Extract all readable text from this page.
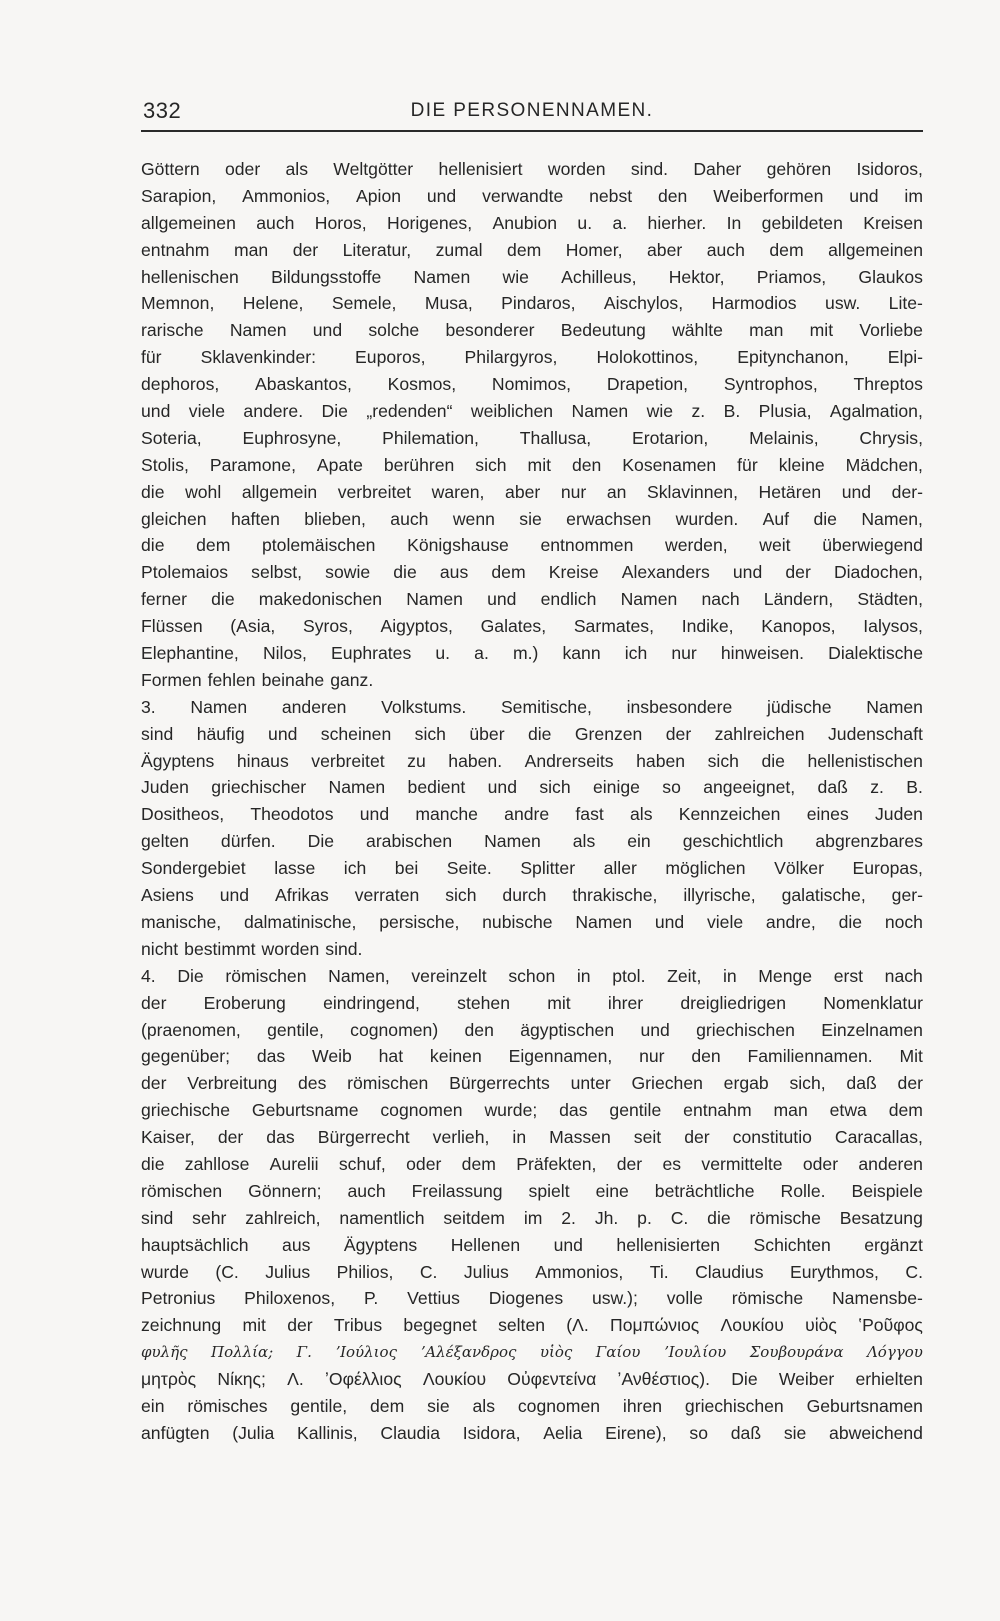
332	DIE PERSONENNAMEN.
Göttern oder als Weltgötter hellenisiert worden sind. Daher gehören Isidoros,
Sarapion, Ammonios, Apion und verwandte nebst den Weiberformen und im
allgemeinen auch Horos, Horigenes, Anubion u. a. hierher. In gebildeten Kreisen
entnahm man der Literatur, zumal dem Homer, aber auch dem allgemeinen
hellenischen Bildungsstoffe Namen wie Achilleus, Hektor, Priamos, Glaukos
Memnon, Helene, Semele, Musa, Pindaros, Aischylos, Harmodios usw. Lite-
rarische Namen und solche besonderer Bedeutung wählte man mit Vorliebe
für Sklavenkinder: Euporos, Philargyros, Holokottinos, Epitynchanon, Elpi-
dephoros, Abaskantos, Kosmos, Nomimos, Drapetion, Syntrophos, Threptos
und viele andere. Die „redenden“ weiblichen Namen wie z. B. Plusia, Agalmation,
Soteria, Euphrosyne, Philemation, Thallusa, Erotarion, Melainis, Chrysis,
Stolis, Paramone, Apate berühren sich mit den Kosenamen für kleine Mädchen,
die wohl allgemein verbreitet waren, aber nur an Sklavinnen, Hetären und der-
gleichen haften blieben, auch wenn sie erwachsen wurden. Auf die Namen,
die dem ptolemäischen Königshause entnommen werden, weit überwiegend
Ptolemaios selbst, sowie die aus dem Kreise Alexanders und der Diadochen,
ferner die makedonischen Namen und endlich Namen nach Ländern, Städten,
Flüssen (Asia, Syros, Aigyptos, Galates, Sarmates, Indike, Kanopos, Ialysos,
Elephantine, Nilos, Euphrates u. a. m.) kann ich nur hinweisen. Dialektische
Formen fehlen beinahe ganz.
3. Namen anderen Volkstums. Semitische, insbesondere jüdische Namen
sind häufig und scheinen sich über die Grenzen der zahlreichen Judenschaft
Ägyptens hinaus verbreitet zu haben. Andrerseits haben sich die hellenistischen
Juden griechischer Namen bedient und sich einige so angeeignet, daß z. B.
Dositheos, Theodotos und manche andre fast als Kennzeichen eines Juden
gelten dürfen. Die arabischen Namen als ein geschichtlich abgrenzbares
Sondergebiet lasse ich bei Seite. Splitter aller möglichen Völker Europas,
Asiens und Afrikas verraten sich durch thrakische, illyrische, galatische, ger-
manische, dalmatinische, persische, nubische Namen und viele andre, die noch
nicht bestimmt worden sind.
4. Die römischen Namen, vereinzelt schon in ptol. Zeit, in Menge erst nach
der Eroberung eindringend, stehen mit ihrer dreigliedrigen Nomenklatur
(praenomen, gentile, cognomen) den ägyptischen und griechischen Einzelnamen
gegenüber; das Weib hat keinen Eigennamen, nur den Familiennamen. Mit
der Verbreitung des römischen Bürgerrechts unter Griechen ergab sich, daß der
griechische Geburtsname cognomen wurde; das gentile entnahm man etwa dem
Kaiser, der das Bürgerrecht verlieh, in Massen seit der constitutio Caracallas,
die zahllose Aurelii schuf, oder dem Präfekten, der es vermittelte oder anderen
römischen Gönnern; auch Freilassung spielt eine beträchtliche Rolle. Beispiele
sind sehr zahlreich, namentlich seitdem im 2. Jh. p. C. die römische Besatzung
hauptsächlich aus Ägyptens Hellenen und hellenisierten Schichten ergänzt
wurde (C. Julius Philios, C. Julius Ammonios, Ti. Claudius Eurythmos, C.
Petronius Philoxenos, P. Vettius Diogenes usw.); volle römische Namensbe-
zeichnung mit der Tribus begegnet selten (Λ. Πομπώνιος Λουκίου υἱὸς ʽΡοῦφος
φυλῆς Πολλία; Γ. ʼΙούλιος ʼΑλέξανδρος υἱὸς Γαίου ʼΙουλίου Σουβουράνα Λόγγου
μητρὸς Νίκης; Λ. ʼΟφέλλιος Λουκίου Οὐφεντείνα ʼΑνθέστιος). Die Weiber erhielten
ein römisches gentile, dem sie als cognomen ihren griechischen Geburtsnamen
anfügten (Julia Kallinis, Claudia Isidora, Aelia Eirene), so daß sie abweichend
